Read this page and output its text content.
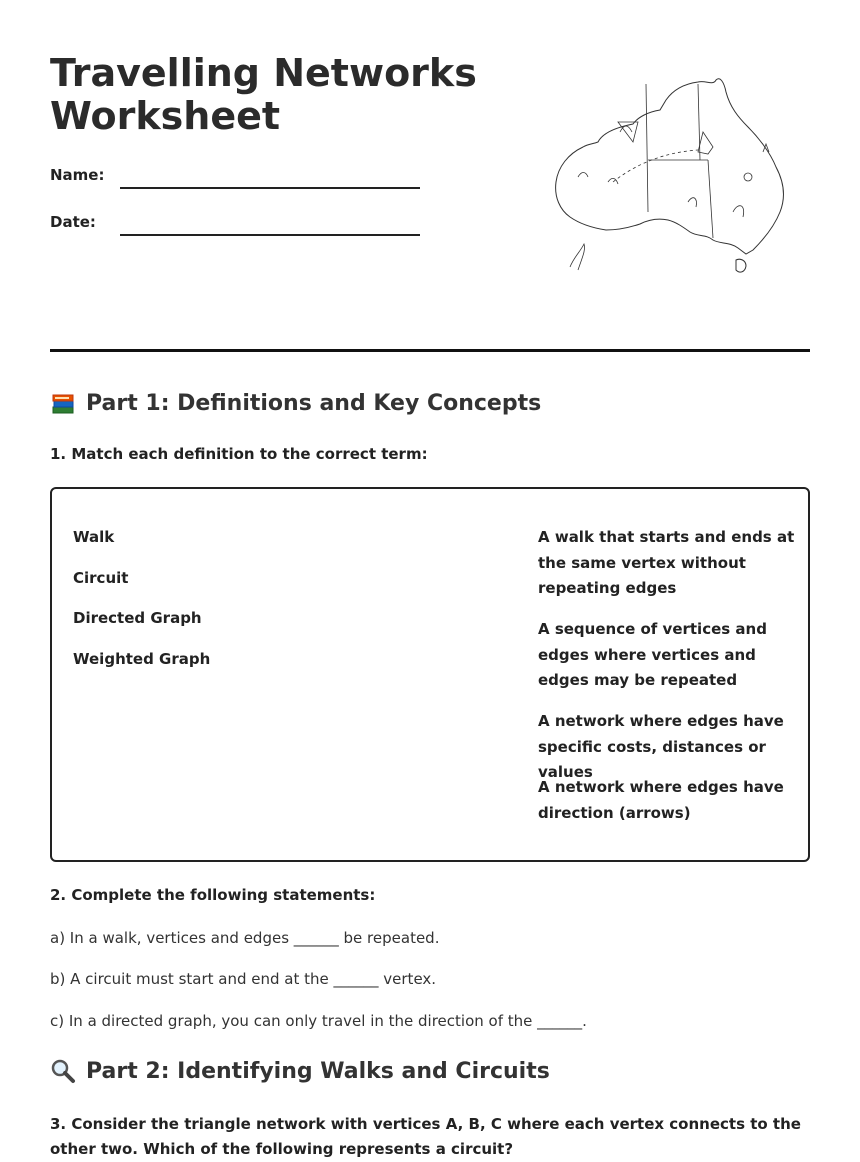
Travelling Networks
Worksheet
Name:
Date:
Part 1: Definitions and Key Concepts

1. Match each definition to the correct term:

Walk
Circuit
Directed Graph
Weighted Graph
A walk that starts and ends at the same vertex without repeating edges
A sequence of vertices and edges where vertices and edges may be repeated
A network where edges have specific costs, distances or values
A network where edges have direction (arrows)

2. Complete the following statements:

a) In a walk, vertices and edges ______ be repeated.
b) A circuit must start and end at the ______ vertex.
c) In a directed graph, you can only travel in the direction of the ______.
Part 2: Identifying Walks and Circuits

3. Consider the triangle network with vertices A, B, C where each vertex connects to the other two. Which of the following represents a circuit?
